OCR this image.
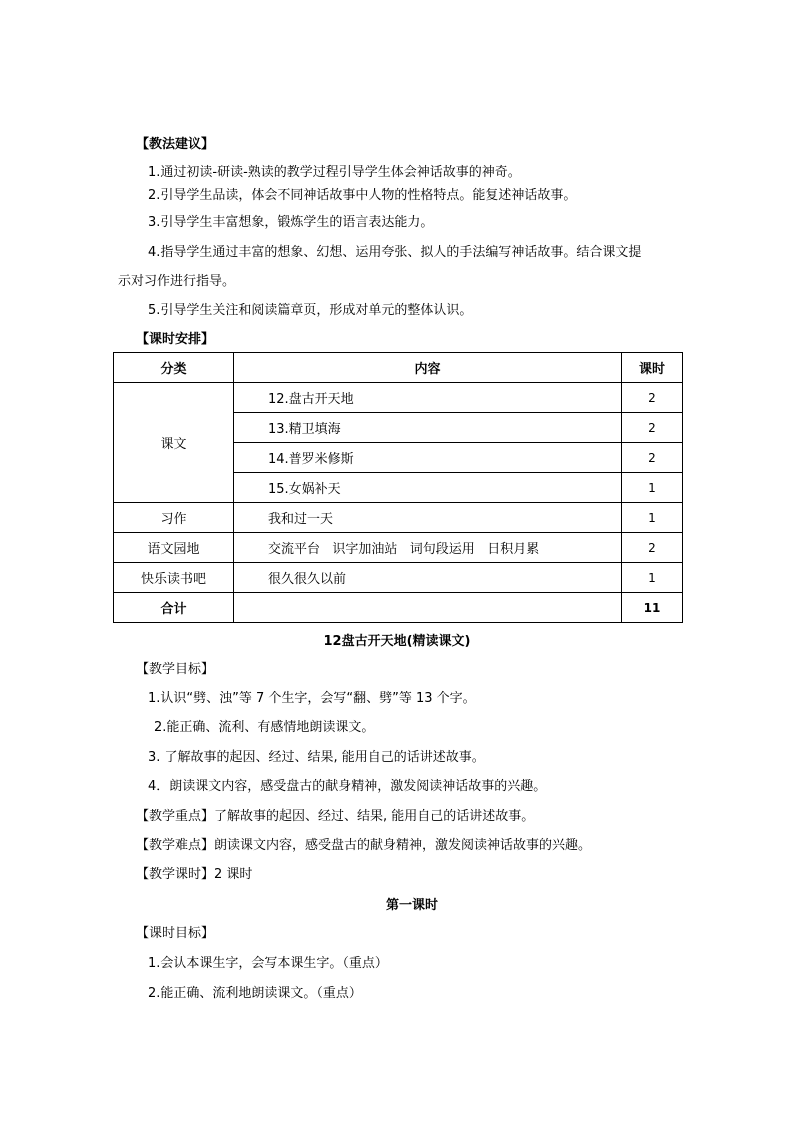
【教法建议】
1.通过初读-研读-熟读的教学过程引导学生体会神话故事的神奇。
2.引导学生品读，体会不同神话故事中人物的性格特点。能复述神话故事。
3.引导学生丰富想象，锻炼学生的语言表达能力。
4.指导学生通过丰富的想象、幻想、运用夸张、拟人的手法编写神话故事。结合课文提
示对习作进行指导。
5.引导学生关注和阅读篇章页，形成对单元的整体认识。
【课时安排】
分类	内容	课时
课文	12.盘古开天地	2
	13.精卫填海	2
	14.普罗米修斯	2
	15.女娲补天	1
习作	我和过一天	1
语文园地	交流平台   识字加油站   词句段运用   日积月累	2
快乐读书吧	很久很久以前	1
合计		11
12盘古开天地(精读课文)
【教学目标】
1.认识“劈、浊”等 7 个生字，会写“翻、劈”等 13 个字。
2.能正确、流利、有感情地朗读课文。
3. 了解故事的起因、经过、结果, 能用自己的话讲述故事。
4．朗读课文内容，感受盘古的献身精神，激发阅读神话故事的兴趣。
【教学重点】了解故事的起因、经过、结果, 能用自己的话讲述故事。
【教学难点】朗读课文内容，感受盘古的献身精神，激发阅读神话故事的兴趣。
【教学课时】2 课时
第一课时
【课时目标】
1.会认本课生字，会写本课生字。（重点）
2.能正确、流利地朗读课文。（重点）
